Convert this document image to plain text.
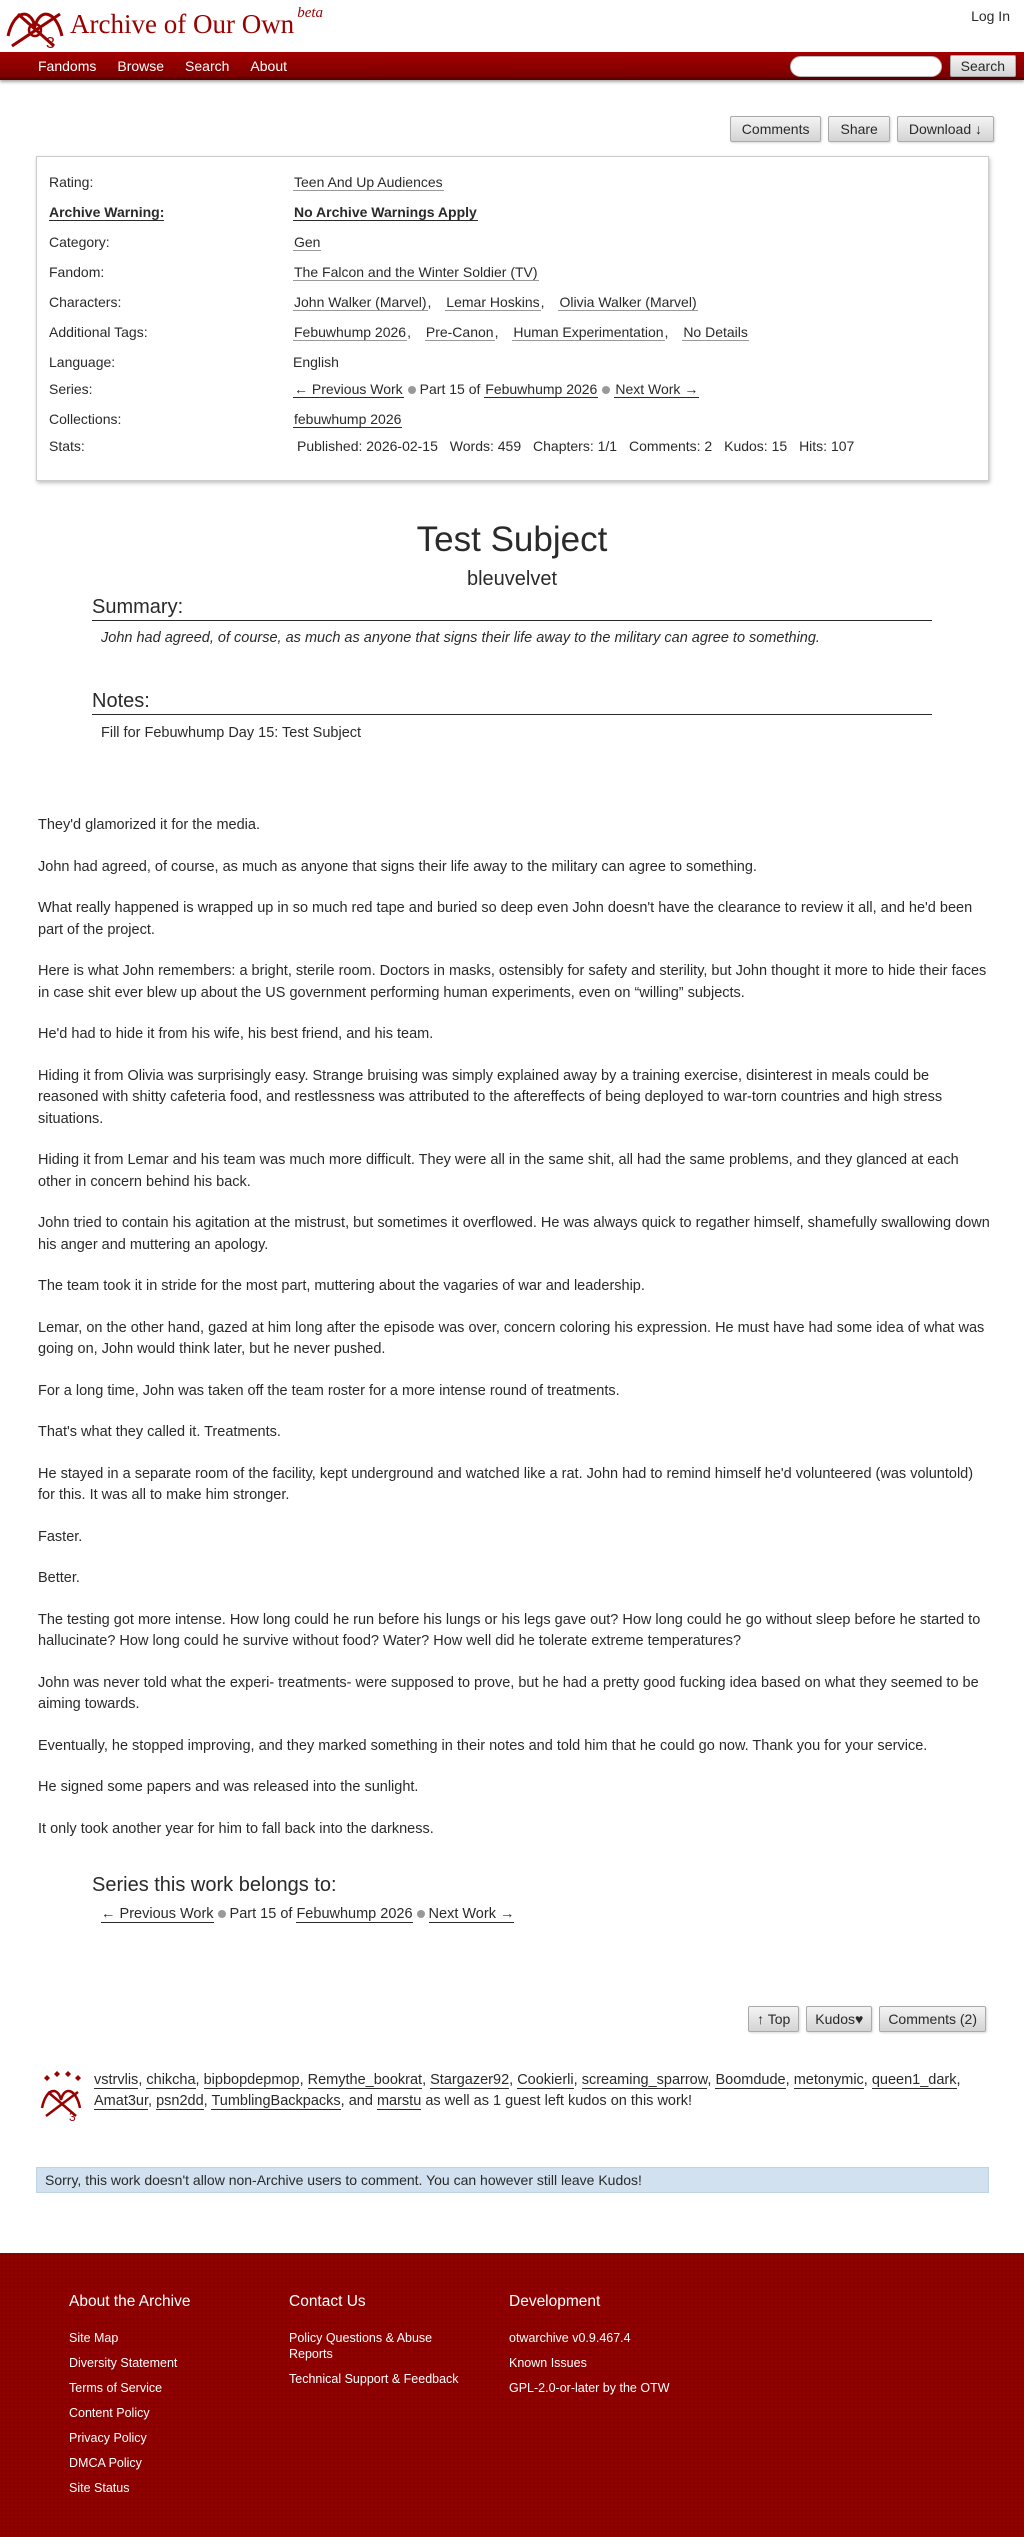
3
Archive of Our Own $^{beta}$	Log In
Fandoms	Browse	Search	About	Search
Comments	Share	Download ↓
Rating:	Teen And Up Audiences
Archive Warning:	No Archive Warnings Apply
Category:	Gen
Fandom:	The Falcon and the Winter Soldier (TV)
Characters:	John Walker (Marvel), Lemar Hoskins, Olivia Walker (Marvel)
Additional Tags:	Febuwhump 2026, Pre-Canon, Human Experimentation, No Details
Language:	English
Series:	← Previous Work Part 15 of Febuwhump 2026 Next Work →
Collections:	febuwhump 2026
Stats:	Published: 2026-02-15 Words: 459 Chapters: 1/1 Comments: 2 Kudos: 15 Hits: 107
Test Subject
bleuvelvet
Summary:
John had agreed, of course, as much as anyone that signs their life away to the military can agree to something.
Notes:
Fill for Febuwhump Day 15: Test Subject

They'd glamorized it for the media.

John had agreed, of course, as much as anyone that signs their life away to the military can agree to something.

What really happened is wrapped up in so much red tape and buried so deep even John doesn't have the clearance to review it all, and he'd been part of the project.

Here is what John remembers: a bright, sterile room. Doctors in masks, ostensibly for safety and sterility, but John thought it more to hide their faces in case shit ever blew up about the US government performing human experiments, even on “willing” subjects.

He'd had to hide it from his wife, his best friend, and his team.

Hiding it from Olivia was surprisingly easy. Strange bruising was simply explained away by a training exercise, disinterest in meals could be reasoned with shitty cafeteria food, and restlessness was attributed to the aftereffects of being deployed to war-torn countries and high stress situations.

Hiding it from Lemar and his team was much more difficult. They were all in the same shit, all had the same problems, and they glanced at each other in concern behind his back.

John tried to contain his agitation at the mistrust, but sometimes it overflowed. He was always quick to regather himself, shamefully swallowing down his anger and muttering an apology.

The team took it in stride for the most part, muttering about the vagaries of war and leadership.

Lemar, on the other hand, gazed at him long after the episode was over, concern coloring his expression. He must have had some idea of what was going on, John would think later, but he never pushed.

For a long time, John was taken off the team roster for a more intense round of treatments.

That's what they called it. Treatments.

He stayed in a separate room of the facility, kept underground and watched like a rat. John had to remind himself he'd volunteered (was voluntold) for this. It was all to make him stronger.

Faster.

Better.

The testing got more intense. How long could he run before his lungs or his legs gave out? How long could he go without sleep before he started to hallucinate? How long could he survive without food? Water? How well did he tolerate extreme temperatures?

John was never told what the experi- treatments- were supposed to prove, but he had a pretty good fucking idea based on what they seemed to be aiming towards.

Eventually, he stopped improving, and they marked something in their notes and told him that he could go now. Thank you for your service.

He signed some papers and was released into the sunlight.

It only took another year for him to fall back into the darkness.

Series this work belongs to:
← Previous Work Part 15 of Febuwhump 2026 Next Work →
↑ Top	Kudos♥	Comments (2)
3
vstrvlis, chikcha, bipbopdepmop, Remythe_bookrat, Stargazer92, Cookierli, screaming_sparrow, Boomdude, metonymic, queen1_dark, Amat3ur, psn2dd, TumblingBackpacks, and marstu as well as 1 guest left kudos on this work!
Sorry, this work doesn't allow non-Archive users to comment. You can however still leave Kudos!
About the Archive
Site Map
Diversity Statement
Terms of Service
Content Policy
Privacy Policy
DMCA Policy
Site Status
Contact Us
Policy Questions & Abuse Reports
Technical Support & Feedback
Development
otwarchive v0.9.467.4
Known Issues
GPL-2.0-or-later by the OTW
